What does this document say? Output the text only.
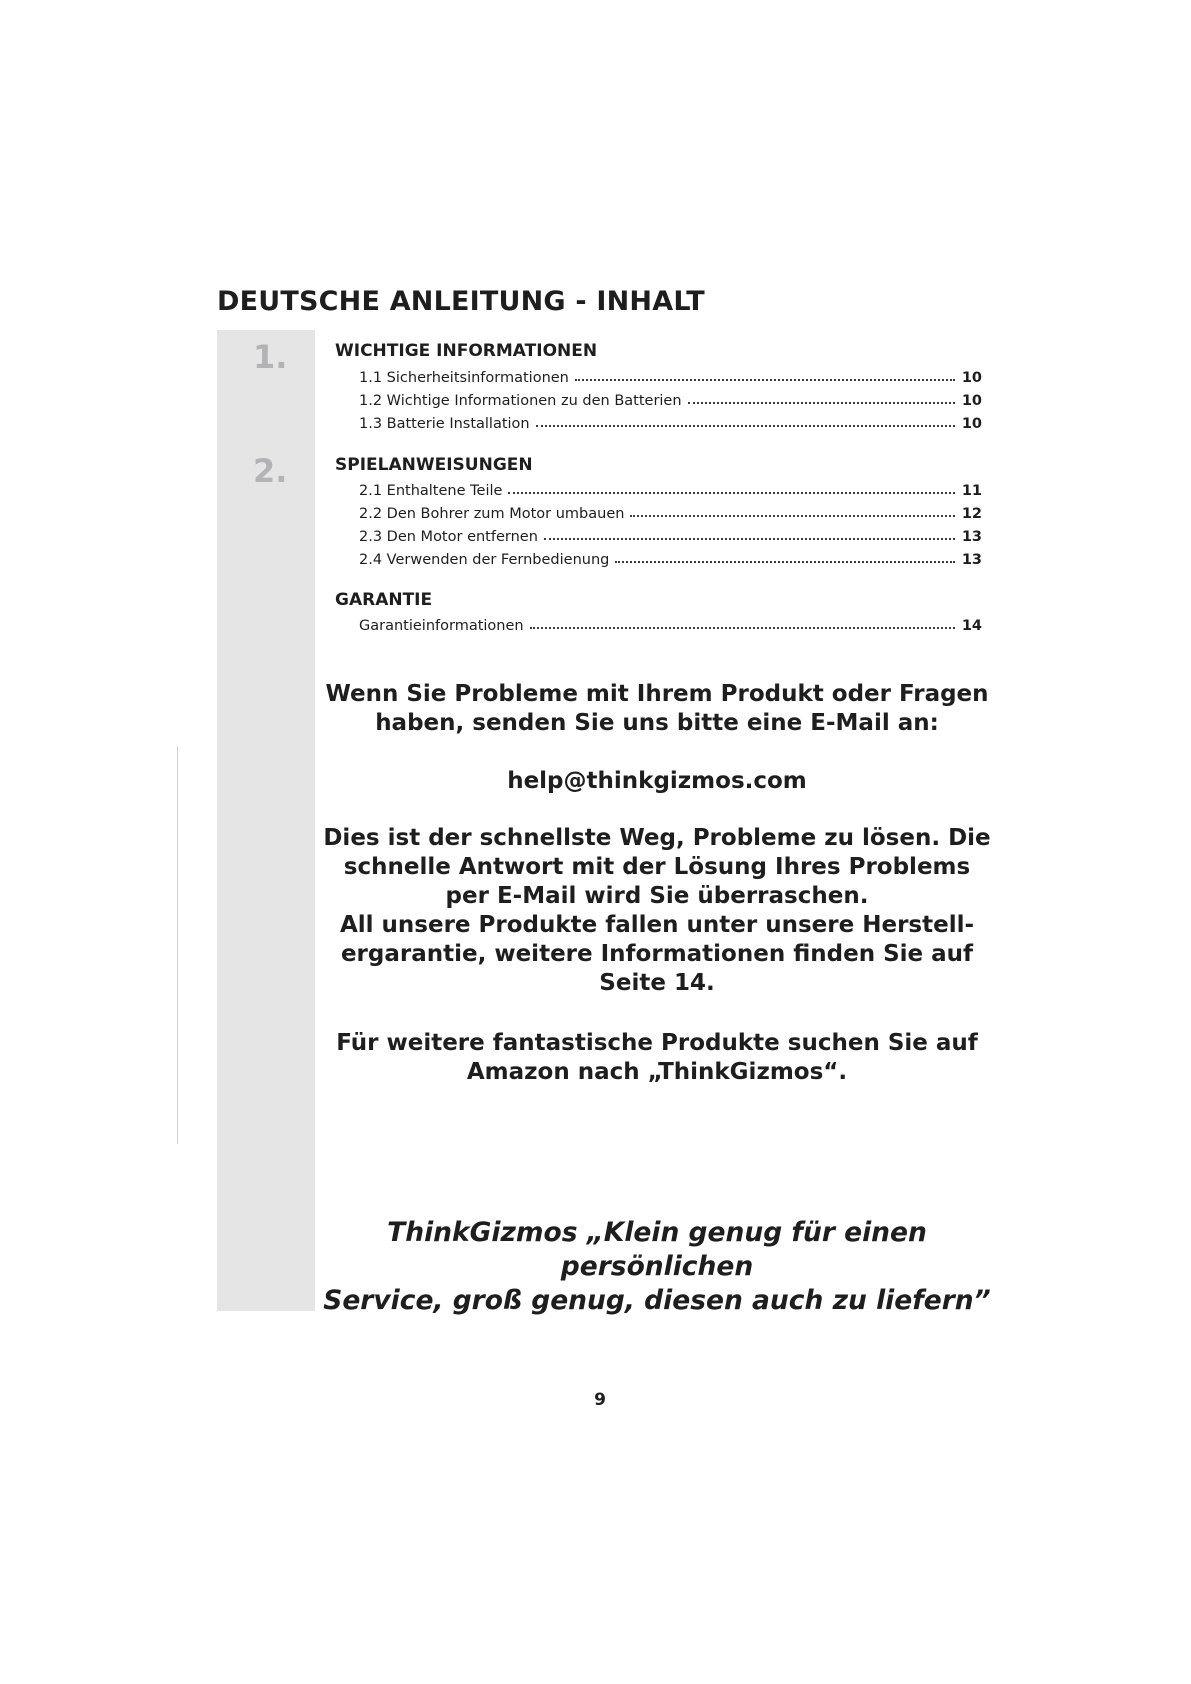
DEUTSCHE ANLEITUNG - INHALT
1.
2.
WICHTIGE INFORMATIONEN
1.1 Sicherheitsinformationen	10
1.2 Wichtige Informationen zu den Batterien	10
1.3 Batterie Installation	10
SPIELANWEISUNGEN
2.1 Enthaltene Teile	11
2.2 Den Bohrer zum Motor umbauen	12
2.3 Den Motor entfernen	13
2.4 Verwenden der Fernbedienung	13
GARANTIE
Garantieinformationen	14
Wenn Sie Probleme mit Ihrem Produkt oder Fragen
haben, senden Sie uns bitte eine E-Mail an:
help@thinkgizmos.com
Dies ist der schnellste Weg, Probleme zu lösen. Die
schnelle Antwort mit der Lösung Ihres Problems
per E-Mail wird Sie überraschen.
All unsere Produkte fallen unter unsere Herstell-
ergarantie, weitere Informationen finden Sie auf
Seite 14.
Für weitere fantastische Produkte suchen Sie auf
Amazon nach „ThinkGizmos“.
ThinkGizmos „Klein genug für einen persönlichen
Service, groß genug, diesen auch zu liefern”
9
